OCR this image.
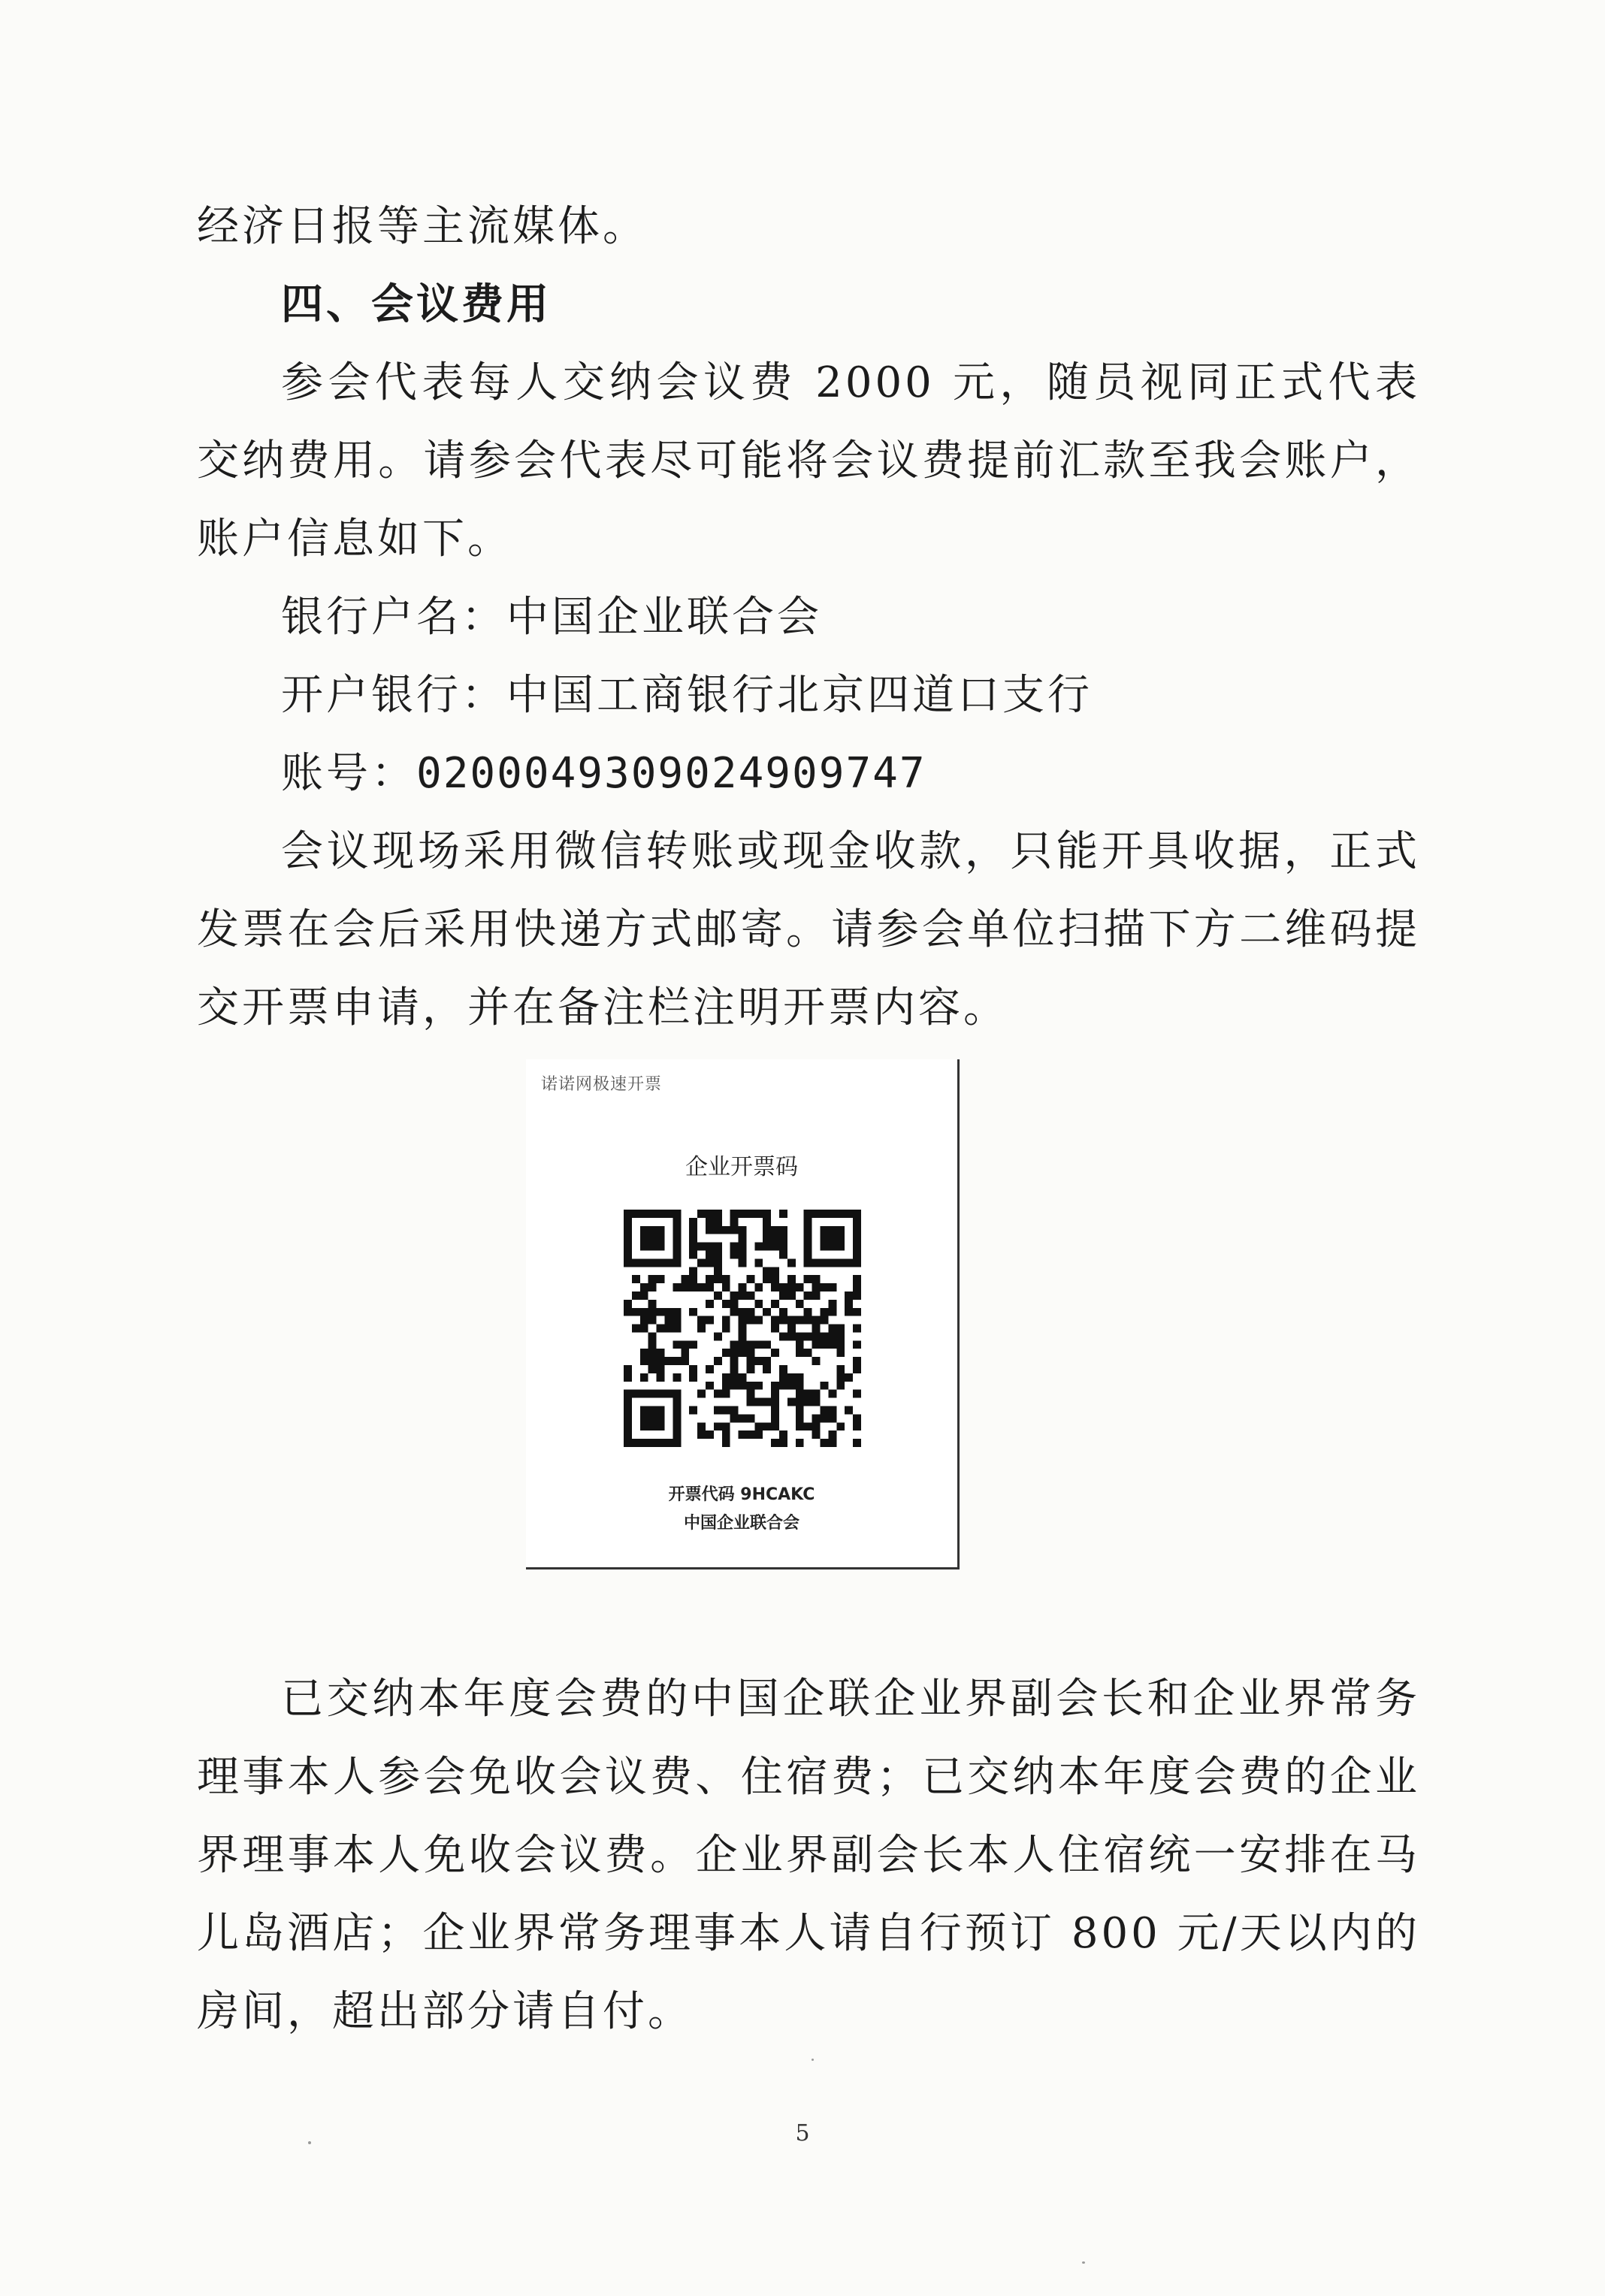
经济日报等主流媒体。

四、会议费用

参会代表每人交纳会议费 2000 元，随员视同正式代表交纳费用。请参会代表尽可能将会议费提前汇款至我会账户，账户信息如下。

银行户名：中国企业联合会

开户银行：中国工商银行北京四道口支行

账号：0200049309024909747

会议现场采用微信转账或现金收款，只能开具收据，正式发票在会后采用快递方式邮寄。请参会单位扫描下方二维码提交开票申请，并在备注栏注明开票内容。

诺诺网极速开票
企业开票码
开票代码 9HCAKC
中国企业联合会

已交纳本年度会费的中国企联企业界副会长和企业界常务理事本人参会免收会议费、住宿费；已交纳本年度会费的企业界理事本人免收会议费。企业界副会长本人住宿统一安排在马儿岛酒店；企业界常务理事本人请自行预订 800 元/天以内的房间，超出部分请自付。

5
